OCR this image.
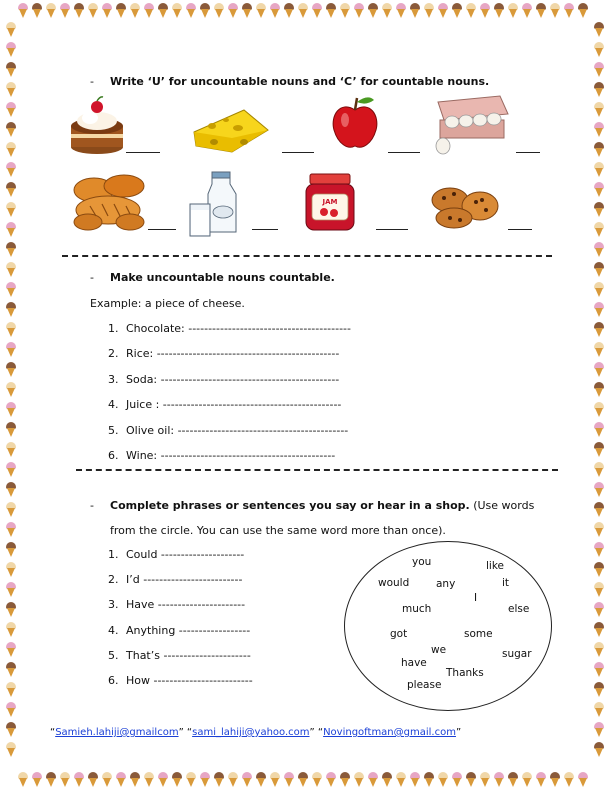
- Write ‘U’ for uncountable nouns and ‘C’ for countable nouns.
JAM
- Make uncountable nouns countable.
Example: a piece of cheese.
1. Chocolate: -----------------------------------------
2. Rice: ----------------------------------------------
3. Soda: ---------------------------------------------
4. Juice : ---------------------------------------------
5. Olive oil: -------------------------------------------
6. Wine: --------------------------------------------
- Complete phrases or sentences you say or hear in a shop. (Use words
from the circle. You can use the same word more than once).
1. Could ---------------------
2. I’d -------------------------
3. Have ----------------------
4. Anything ------------------
5. That’s ----------------------
6. How -------------------------
you	like
would	any	it
I
much	else
got	some
we	sugar
have
Thanks
please
“Samieh.lahiji@gmailcom” “sami_lahiji@yahoo.com” “Novingoftman@gmail.com”
